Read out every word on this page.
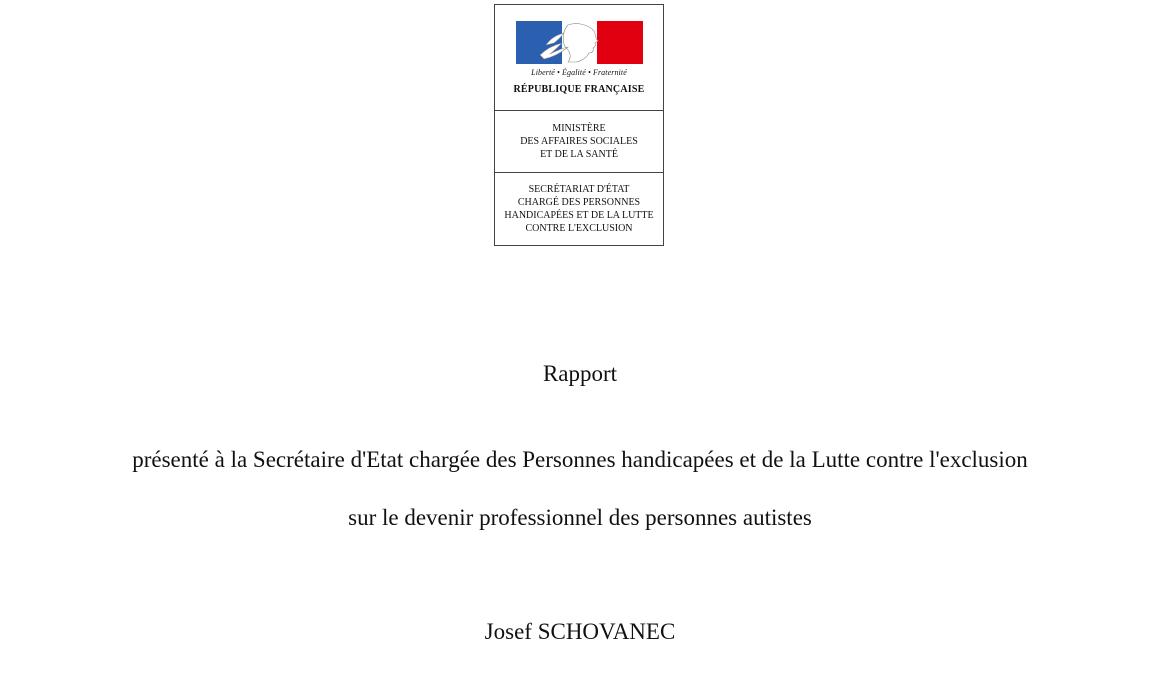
Liberté • Égalité • Fraternité
RÉPUBLIQUE FRANÇAISE
MINISTÈRE
DES AFFAIRES SOCIALES
ET DE LA SANTÉ
SECRÉTARIAT D'ÉTAT
CHARGÉ DES PERSONNES
HANDICAPÉES ET DE LA LUTTE
CONTRE L'EXCLUSION
Rapport
présenté à la Secrétaire d'Etat chargée des Personnes handicapées et de la Lutte contre l'exclusion
sur le devenir professionnel des personnes autistes
Josef SCHOVANEC
